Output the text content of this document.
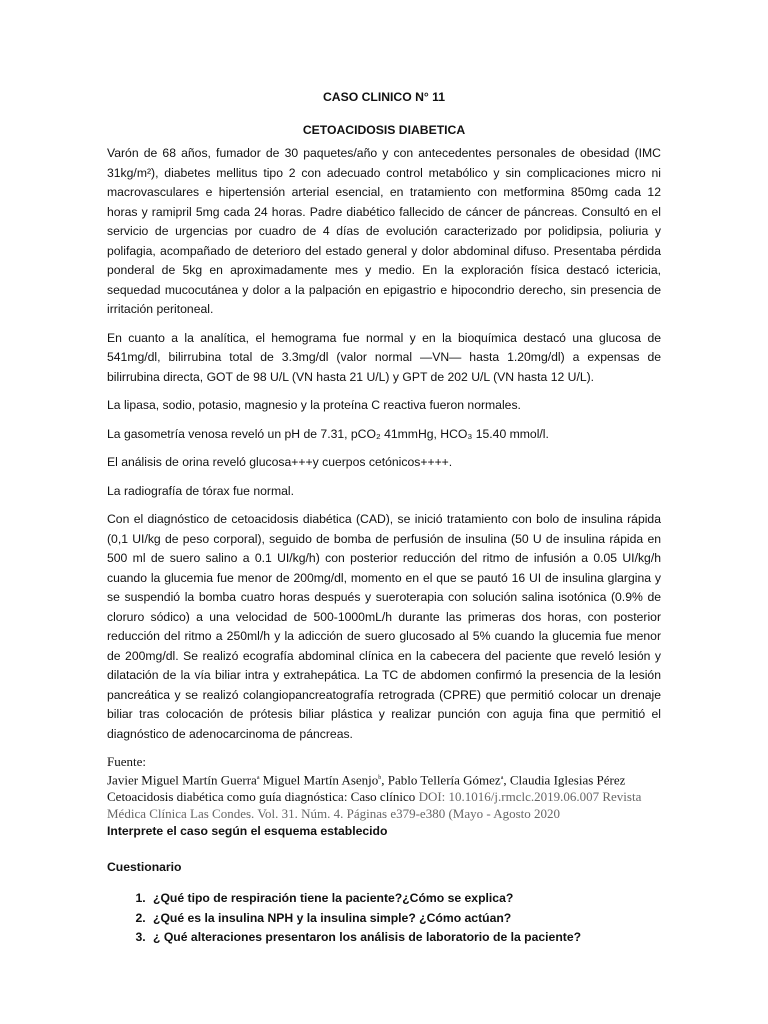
CASO CLINICO N° 11

CETOACIDOSIS DIABETICA

Varón de 68 años, fumador de 30 paquetes/año y con antecedentes personales de obesidad (IMC 31kg/m²), diabetes mellitus tipo 2 con adecuado control metabólico y sin complicaciones micro ni macrovasculares e hipertensión arterial esencial, en tratamiento con metformina 850mg cada 12 horas y ramipril 5mg cada 24 horas. Padre diabético fallecido de cáncer de páncreas. Consultó en el servicio de urgencias por cuadro de 4 días de evolución caracterizado por polidipsia, poliuria y polifagia, acompañado de deterioro del estado general y dolor abdominal difuso. Presentaba pérdida ponderal de 5kg en aproximadamente mes y medio. En la exploración física destacó ictericia, sequedad mucocutánea y dolor a la palpación en epigastrio e hipocondrio derecho, sin presencia de irritación peritoneal.

En cuanto a la analítica, el hemograma fue normal y en la bioquímica destacó una glucosa de 541mg/dl, bilirrubina total de 3.3mg/dl (valor normal —VN— hasta 1.20mg/dl) a expensas de bilirrubina directa, GOT de 98 U/L (VN hasta 21 U/L) y GPT de 202 U/L (VN hasta 12 U/L).

La lipasa, sodio, potasio, magnesio y la proteína C reactiva fueron normales.

La gasometría venosa reveló un pH de 7.31, pCO₂ 41mmHg, HCO₃ 15.40 mmol/l.

El análisis de orina reveló glucosa+++y cuerpos cetónicos++++.

La radiografía de tórax fue normal.

Con el diagnóstico de cetoacidosis diabética (CAD), se inició tratamiento con bolo de insulina rápida (0,1 UI/kg de peso corporal), seguido de bomba de perfusión de insulina (50 U de insulina rápida en 500 ml de suero salino a 0.1 UI/kg/h) con posterior reducción del ritmo de infusión a 0.05 UI/kg/h cuando la glucemia fue menor de 200mg/dl, momento en el que se pautó 16 UI de insulina glargina y se suspendió la bomba cuatro horas después y sueroterapia con solución salina isotónica (0.9% de cloruro sódico) a una velocidad de 500-1000mL/h durante las primeras dos horas, con posterior reducción del ritmo a 250ml/h y la adicción de suero glucosado al 5% cuando la glucemia fue menor de 200mg/dl. Se realizó ecografía abdominal clínica en la cabecera del paciente que reveló lesión y dilatación de la vía biliar intra y extrahepática. La TC de abdomen confirmó la presencia de la lesión pancreática y se realizó colangiopancreatografía retrograda (CPRE) que permitió colocar un drenaje biliar tras colocación de prótesis biliar plástica y realizar punción con aguja fina que permitió el diagnóstico de adenocarcinoma de páncreas.

Fuente:
Javier Miguel Martín Guerra$^a$ Miguel Martín Asenjo$^b$, Pablo Tellería Gómez$^a$, Claudia Iglesias Pérez
Cetoacidosis diabética como guía diagnóstica: Caso clínico DOI: 10.1016/j.rmclc.2019.06.007 Revista Médica Clínica Las Condes. Vol. 31. Núm. 4. Páginas e379-e380 (Mayo - Agosto 2020

Interprete el caso según el esquema establecido

Cuestionario

1. ¿Qué tipo de respiración tiene la paciente?¿Cómo se explica?
2. ¿Qué es la insulina NPH y la insulina simple? ¿Cómo actúan?
3. ¿ Qué alteraciones presentaron los análisis de laboratorio de la paciente?
